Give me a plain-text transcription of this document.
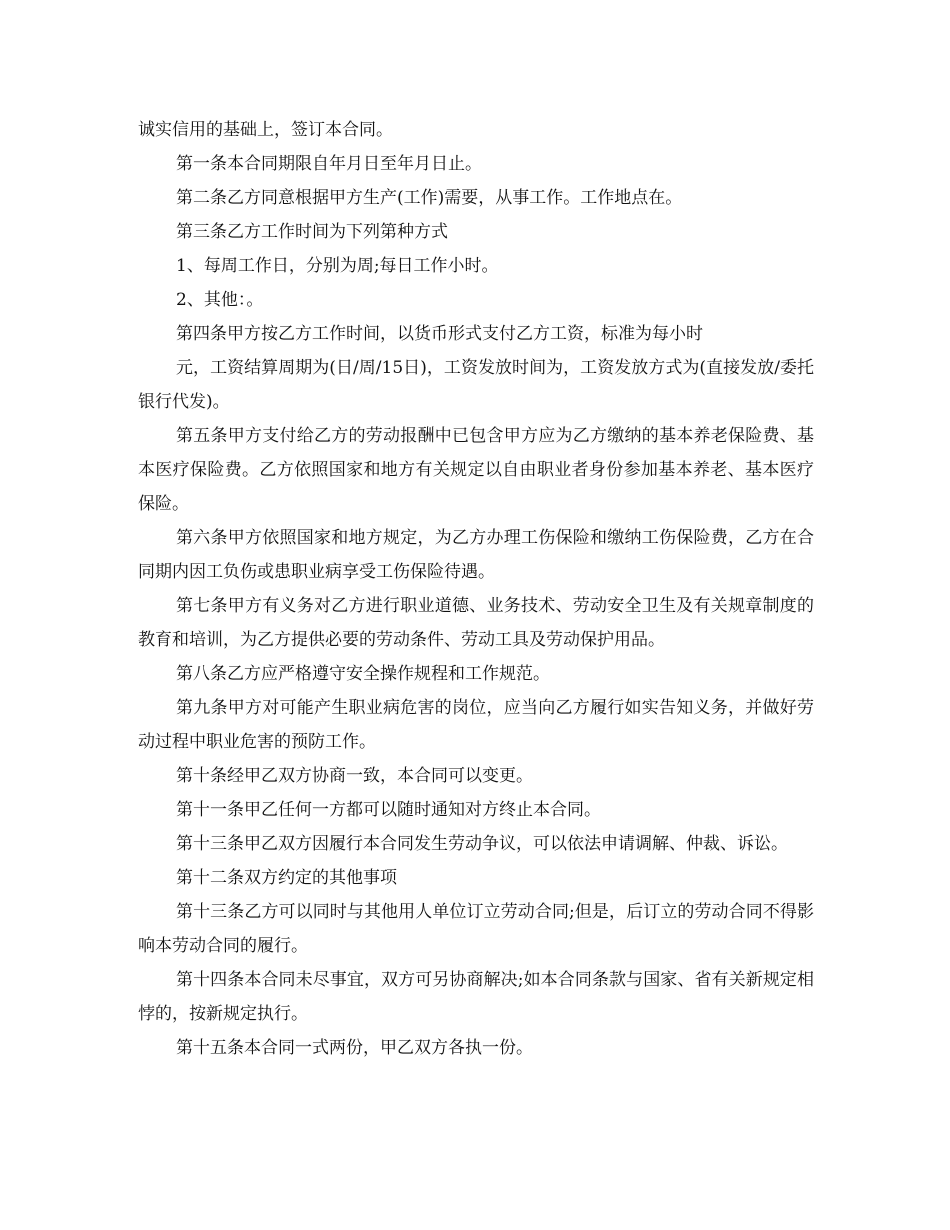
诚实信用的基础上，签订本合同。

第一条本合同期限自年月日至年月日止。

第二条乙方同意根据甲方生产(工作)需要，从事工作。工作地点在。

第三条乙方工作时间为下列第种方式

1、每周工作日，分别为周;每日工作小时。

2、其他：。

第四条甲方按乙方工作时间，以货币形式支付乙方工资，标准为每小时

元，工资结算周期为(日/周/15日)，工资发放时间为，工资发放方式为(直接发放/委托银行代发)。

第五条甲方支付给乙方的劳动报酬中已包含甲方应为乙方缴纳的基本养老保险费、基本医疗保险费。乙方依照国家和地方有关规定以自由职业者身份参加基本养老、基本医疗保险。

第六条甲方依照国家和地方规定，为乙方办理工伤保险和缴纳工伤保险费，乙方在合同期内因工负伤或患职业病享受工伤保险待遇。

第七条甲方有义务对乙方进行职业道德、业务技术、劳动安全卫生及有关规章制度的教育和培训，为乙方提供必要的劳动条件、劳动工具及劳动保护用品。

第八条乙方应严格遵守安全操作规程和工作规范。

第九条甲方对可能产生职业病危害的岗位，应当向乙方履行如实告知义务，并做好劳动过程中职业危害的预防工作。

第十条经甲乙双方协商一致，本合同可以变更。

第十一条甲乙任何一方都可以随时通知对方终止本合同。

第十三条甲乙双方因履行本合同发生劳动争议，可以依法申请调解、仲裁、诉讼。

第十二条双方约定的其他事项

第十三条乙方可以同时与其他用人单位订立劳动合同;但是，后订立的劳动合同不得影响本劳动合同的履行。

第十四条本合同未尽事宜，双方可另协商解决;如本合同条款与国家、省有关新规定相悖的，按新规定执行。

第十五条本合同一式两份，甲乙双方各执一份。
